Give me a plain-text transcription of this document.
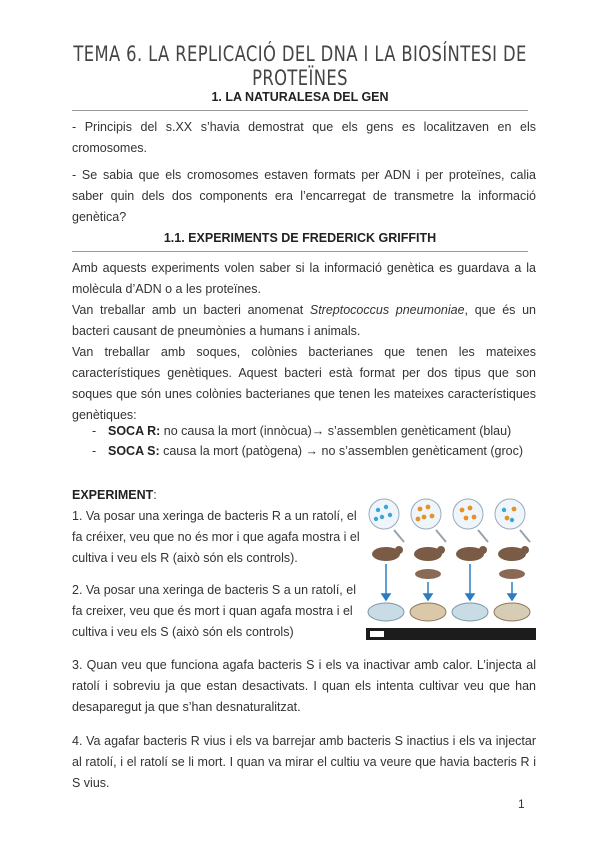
TEMA 6. LA REPLICACIÓ DEL DNA I LA BIOSÍNTESI DE PROTEÏNES
1. LA NATURALESA DEL GEN

- Principis del s.XX s’havia demostrat que els gens es localitzaven en els cromosomes.

- Se sabia que els cromosomes estaven formats per ADN i per proteïnes, calia saber quin dels dos components era l’encarregat de transmetre la informació genètica?

1.1. EXPERIMENTS DE FREDERICK GRIFFITH

Amb aquests experiments volen saber si la informació genètica es guardava a la molècula d’ADN o a les proteïnes.

Van treballar amb un bacteri anomenat Streptococcus pneumoniae, que és un bacteri causant de pneumònies a humans i animals.

Van treballar amb soques, colònies bacterianes que tenen les mateixes característiques genètiques. Aquest bacteri està format per dos tipus que son soques que són unes colònies bacterianes que tenen les mateixes característiques genètiques:

- SOCA R: no causa la mort (innòcua)→ s’assemblen genèticament (blau)
- SOCA S: causa la mort (patògena) → no s’assemblen genèticament (groc)
EXPERIMENT:

1. Va posar una xeringa de bacteris R a un ratolí, el fa créixer, veu que no és mor i que agafa mostra i el cultiva i veu els R (això són els controls).

2. Va posar una xeringa de bacteris S a un ratolí, el fa creixer, veu que és mort i quan agafa mostra i el cultiva i veu els S (això són els controls)

3. Quan veu que funciona agafa bacteris S i els va inactivar amb calor. L’injecta al ratolí i sobreviu ja que estan desactivats. I quan els intenta cultivar veu que han desaparegut ja que s’han desnaturalitzat.

4. Va agafar bacteris R vius i els va barrejar amb bacteris S inactius i els va injectar al ratolí, i el ratolí se li mort. I quan va mirar el cultiu va veure que havia bacteris R i S vius.

1
